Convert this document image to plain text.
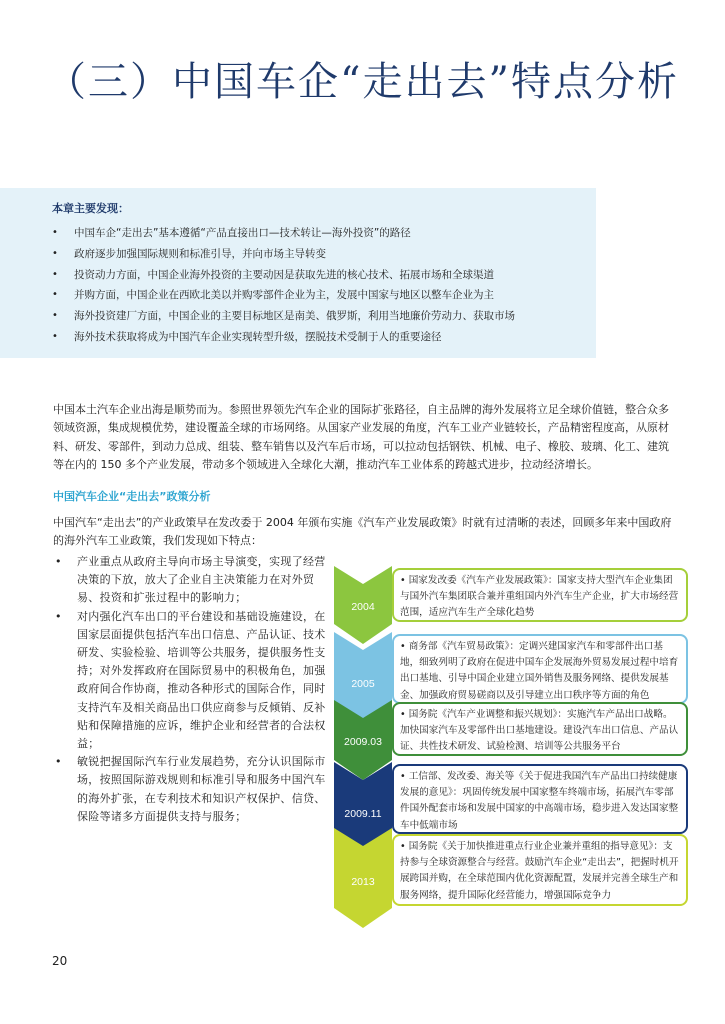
（三）中国车企“走出去”特点分析

本章主要发现：

• 中国车企“走出去”基本遵循“产品直接出口—技术转让—海外投资”的路径
• 政府逐步加强国际规则和标准引导，并向市场主导转变
• 投资动力方面，中国企业海外投资的主要动因是获取先进的核心技术、拓展市场和全球渠道
• 并购方面，中国企业在西欧北美以并购零部件企业为主，发展中国家与地区以整车企业为主
• 海外投资建厂方面，中国企业的主要目标地区是南美、俄罗斯，利用当地廉价劳动力、获取市场
• 海外技术获取将成为中国汽车企业实现转型升级，摆脱技术受制于人的重要途径

中国本土汽车企业出海是顺势而为。参照世界领先汽车企业的国际扩张路径，自主品牌的海外发展将立足全球价值链，整合众多领域资源，集成规模优势，建设覆盖全球的市场网络。从国家产业发展的角度，汽车工业产业链较长，产品精密程度高，从原材料、研发、零部件，到动力总成、组装、整车销售以及汽车后市场，可以拉动包括钢铁、机械、电子、橡胶、玻璃、化工、建筑等在内的 150 多个产业发展，带动多个领域进入全球化大潮，推动汽车工业体系的跨越式进步，拉动经济增长。

中国汽车企业“走出去”政策分析

中国汽车“走出去”的产业政策早在发改委于 2004 年颁布实施《汽车产业发展政策》时就有过清晰的表述，回顾多年来中国政府的海外汽车工业政策，我们发现如下特点：

• 产业重点从政府主导向市场主导演变，实现了经营决策的下放，放大了企业自主决策能力在对外贸易、投资和扩张过程中的影响力；
• 对内强化汽车出口的平台建设和基础设施建设，在国家层面提供包括汽车出口信息、产品认证、技术研发、实验检验、培训等公共服务，提供服务性支持；对外发挥政府在国际贸易中的积极角色，加强政府间合作协商，推动各种形式的国际合作，同时支持汽车及相关商品出口供应商参与反倾销、反补贴和保障措施的应诉，维护企业和经营者的合法权益；
• 敏锐把握国际汽车行业发展趋势，充分认识国际市场，按照国际游戏规则和标准引导和服务中国汽车的海外扩张，在专利技术和知识产权保护、信贷、保险等诸多方面提供支持与服务；
2004
• 国家发改委《汽车产业发展政策》：国家支持大型汽车企业集团与国外汽车集团联合兼并重组国内外汽车生产企业，扩大市场经营范围，适应汽车生产全球化趋势
2005
• 商务部《汽车贸易政策》：定调兴建国家汽车和零部件出口基地，细致列明了政府在促进中国车企发展海外贸易发展过程中培育出口基地、引导中国企业建立国外销售及服务网络、提供发展基金、加强政府贸易磋商以及引导建立出口秩序等方面的角色
2009.03
• 国务院《汽车产业调整和振兴规划》：实施汽车产品出口战略。加快国家汽车及零部件出口基地建设。建设汽车出口信息、产品认证、共性技术研发、试验检测、培训等公共服务平台
2009.11
• 工信部、发改委、海关等《关于促进我国汽车产品出口持续健康发展的意见》：巩固传统发展中国家整车终端市场，拓展汽车零部件国外配套市场和发展中国家的中高端市场，稳步进入发达国家整车中低端市场
2013
• 国务院《关于加快推进重点行业企业兼并重组的指导意见》：支持参与全球资源整合与经营。鼓励汽车企业“走出去”，把握时机开展跨国并购，在全球范围内优化资源配置，发展并完善全球生产和服务网络，提升国际化经营能力，增强国际竞争力

20
